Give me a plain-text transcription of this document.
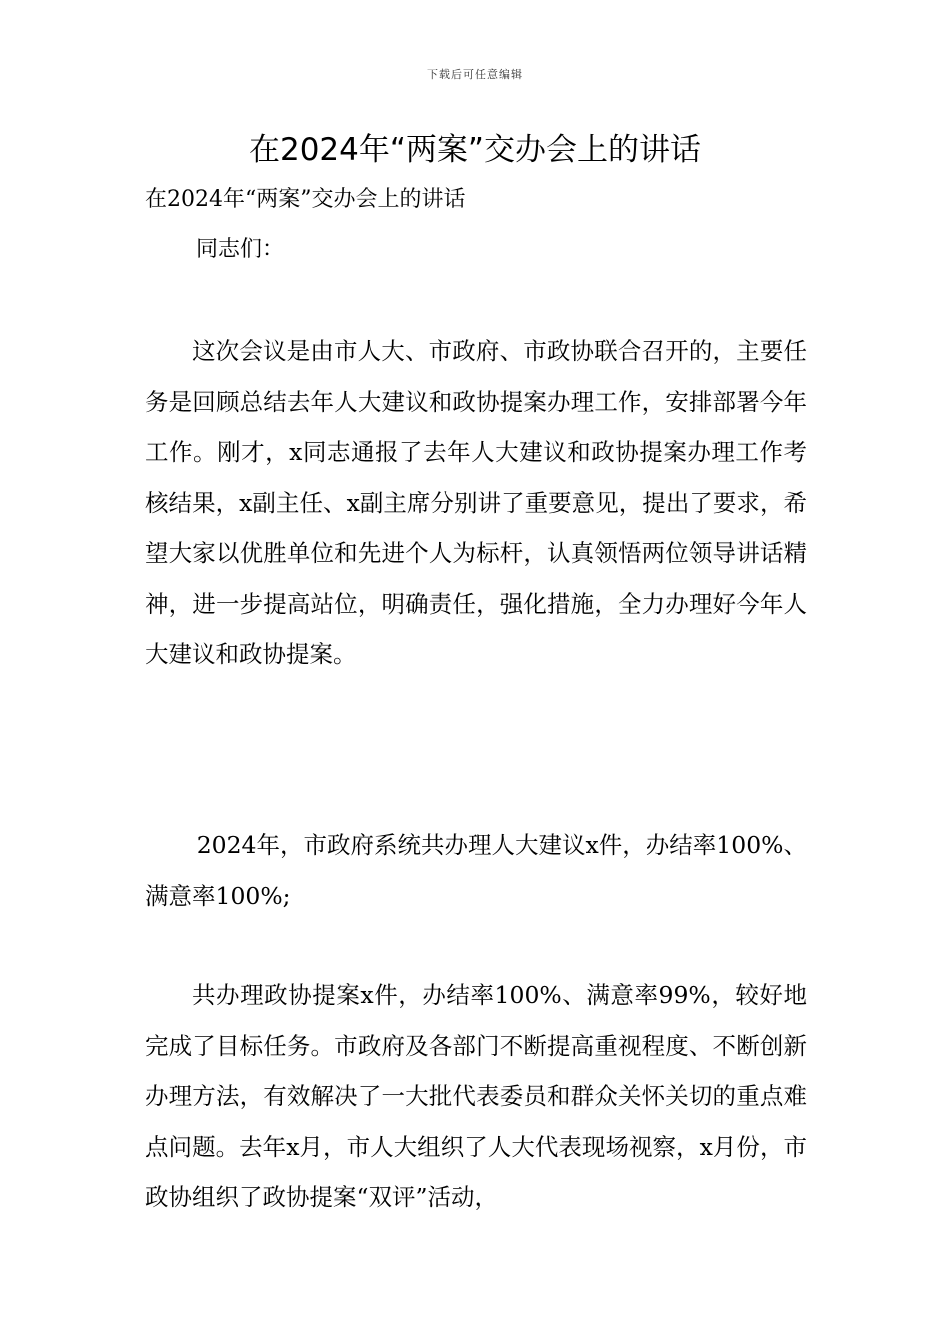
下载后可任意编辑
在2024年“两案”交办会上的讲话
在2024年“两案”交办会上的讲话
同志们：

这次会议是由市人大、市政府、市政协联合召开的，主要任务是回顾总结去年人大建议和政协提案办理工作，安排部署今年工作。刚才，x同志通报了去年人大建议和政协提案办理工作考核结果，x副主任、x副主席分别讲了重要意见，提出了要求，希望大家以优胜单位和先进个人为标杆，认真领悟两位领导讲话精神，进一步提高站位，明确责任，强化措施，全力办理好今年人大建议和政协提案。

2024年，市政府系统共办理人大建议x件，办结率100%、满意率100%;

共办理政协提案x件，办结率100%、满意率99%，较好地完成了目标任务。市政府及各部门不断提高重视程度、不断创新办理方法，有效解决了一大批代表委员和群众关怀关切的重点难点问题。去年x月，市人大组织了人大代表现场视察，x月份，市政协组织了政协提案“双评”活动，
